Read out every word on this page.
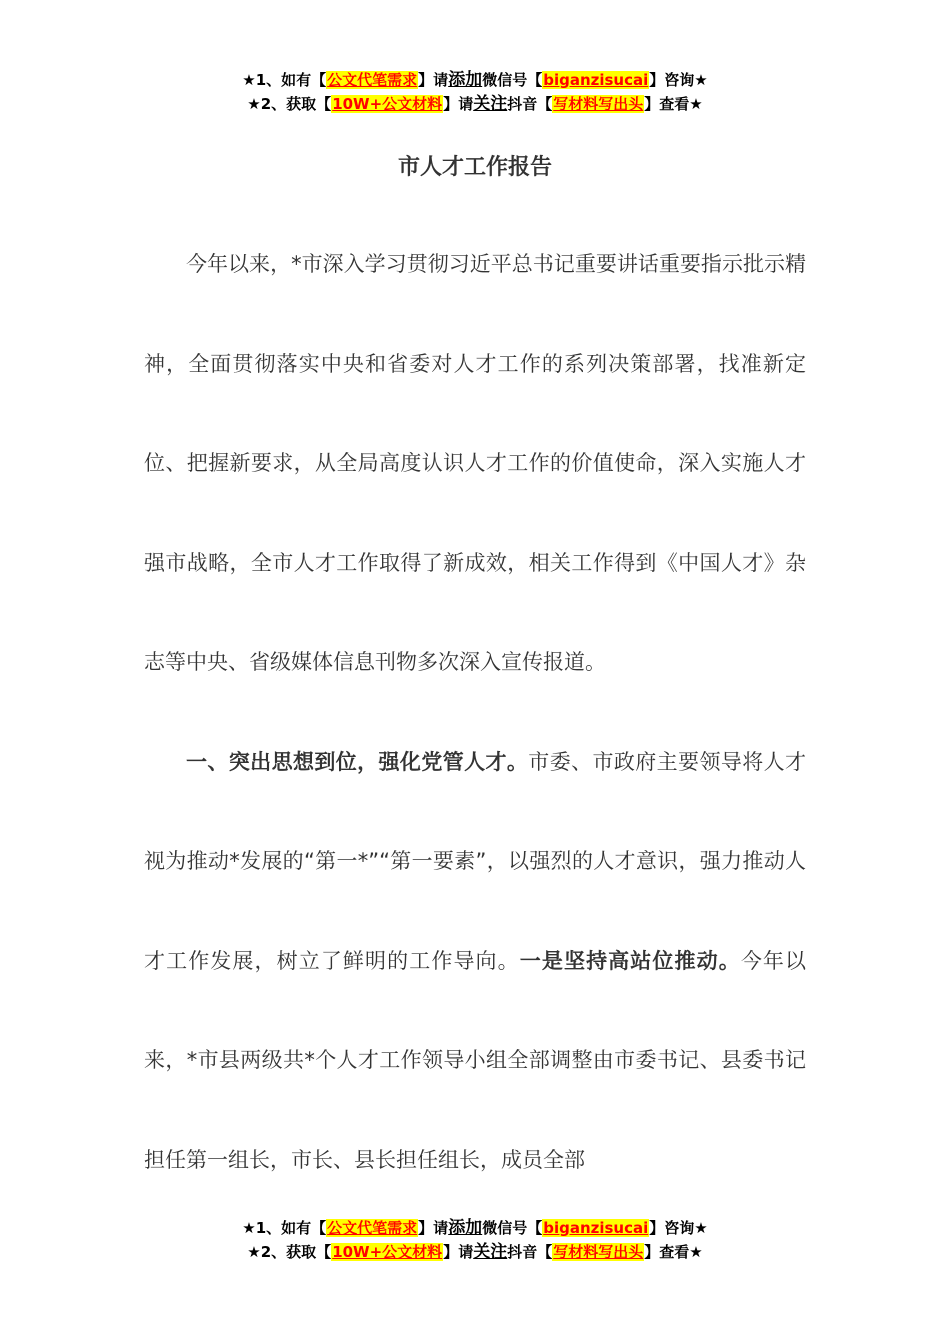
★1、如有【公文代笔需求】请添加微信号【biganzisucai】咨询★
★2、获取【10W+公文材料】请关注抖音【写材料写出头】查看★
市人才工作报告

今年以来，*市深入学习贯彻习近平总书记重要讲话重要指示批示精神，全面贯彻落实中央和省委对人才工作的系列决策部署，找准新定位、把握新要求，从全局高度认识人才工作的价值使命，深入实施人才强市战略，全市人才工作取得了新成效，相关工作得到《中国人才》杂志等中央、省级媒体信息刊物多次深入宣传报道。

一、突出思想到位，强化党管人才。市委、市政府主要领导将人才视为推动*发展的“第一*”“第一要素”，以强烈的人才意识，强力推动人才工作发展，树立了鲜明的工作导向。一是坚持高站位推动。今年以来，*市县两级共*个人才工作领导小组全部调整由市委书记、县委书记担任第一组长，市长、县长担任组长，成员全部

★1、如有【公文代笔需求】请添加微信号【biganzisucai】咨询★
★2、获取【10W+公文材料】请关注抖音【写材料写出头】查看★
